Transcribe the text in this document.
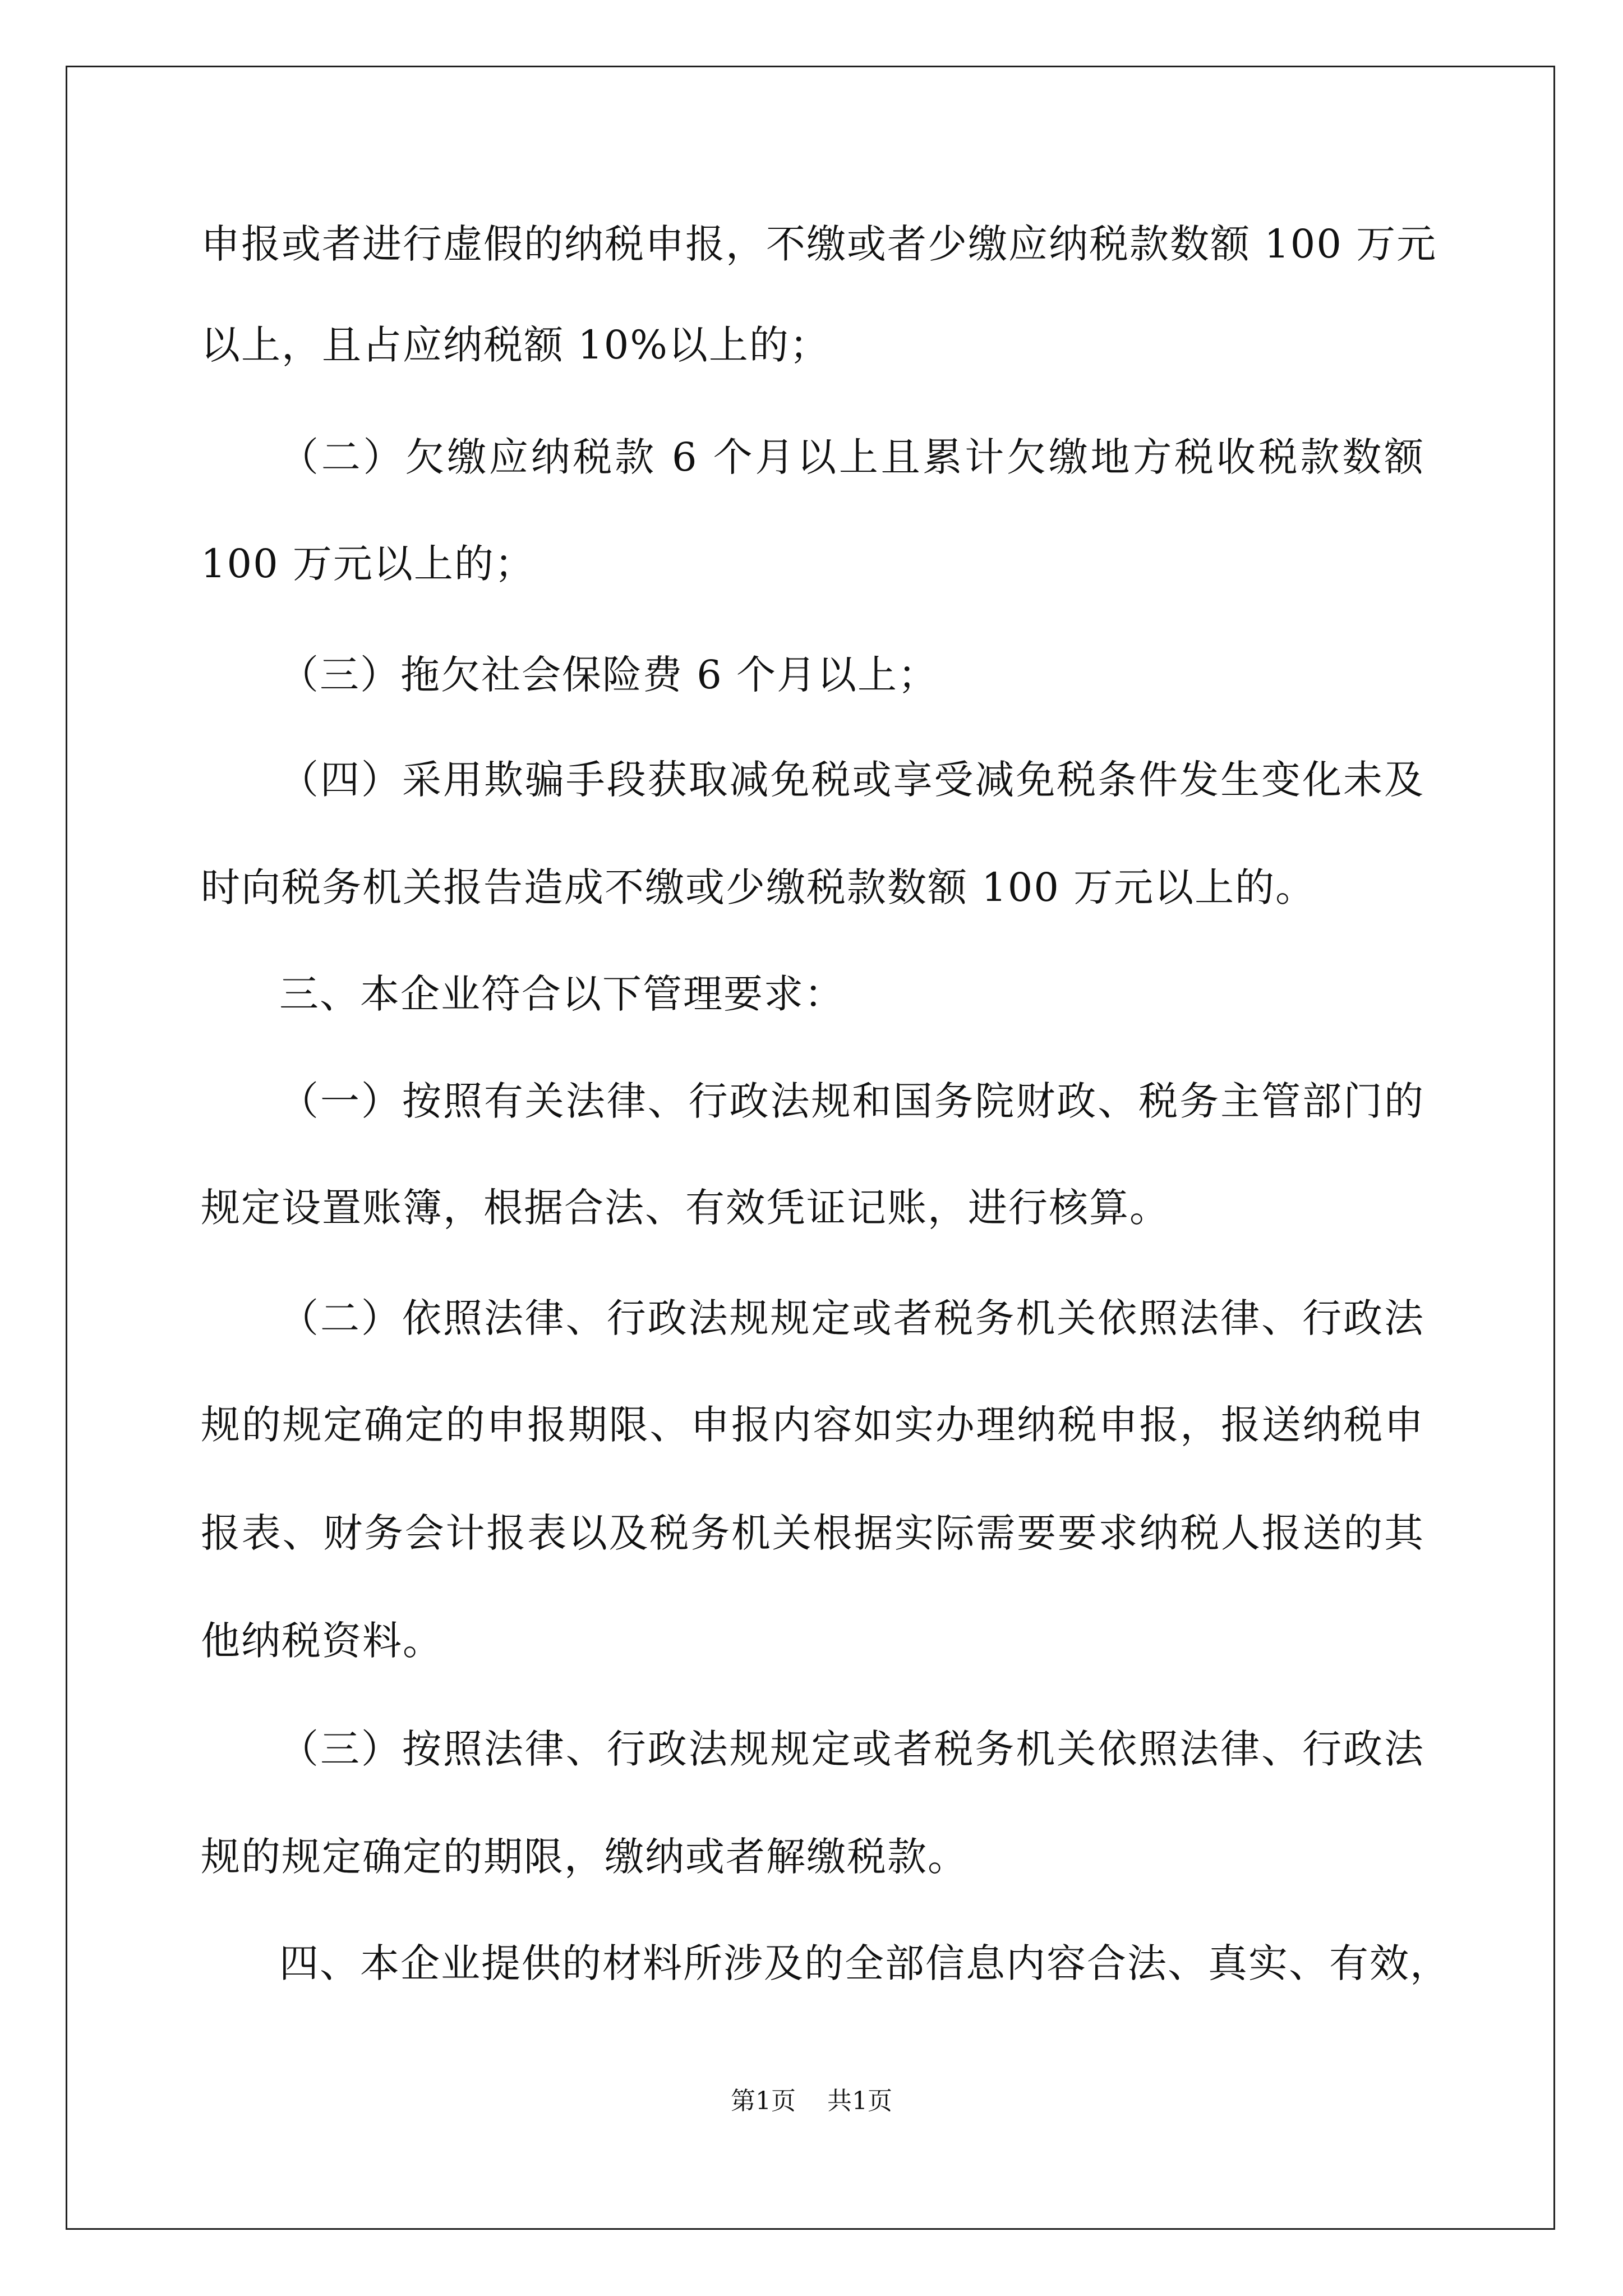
申报或者进行虚假的纳税申报，不缴或者少缴应纳税款数额 100 万元
以上，且占应纳税额 10%以上的；
（二）欠缴应纳税款 6 个月以上且累计欠缴地方税收税款数额
100 万元以上的；
（三）拖欠社会保险费 6 个月以上；
（四）采用欺骗手段获取减免税或享受减免税条件发生变化未及
时向税务机关报告造成不缴或少缴税款数额 100 万元以上的。
三、本企业符合以下管理要求：
（一）按照有关法律、行政法规和国务院财政、税务主管部门的
规定设置账簿，根据合法、有效凭证记账，进行核算。
（二）依照法律、行政法规规定或者税务机关依照法律、行政法
规的规定确定的申报期限、申报内容如实办理纳税申报，报送纳税申
报表、财务会计报表以及税务机关根据实际需要要求纳税人报送的其
他纳税资料。
（三）按照法律、行政法规规定或者税务机关依照法律、行政法
规的规定确定的期限，缴纳或者解缴税款。
四、本企业提供的材料所涉及的全部信息内容合法、真实、有效，
第1页 共1页
